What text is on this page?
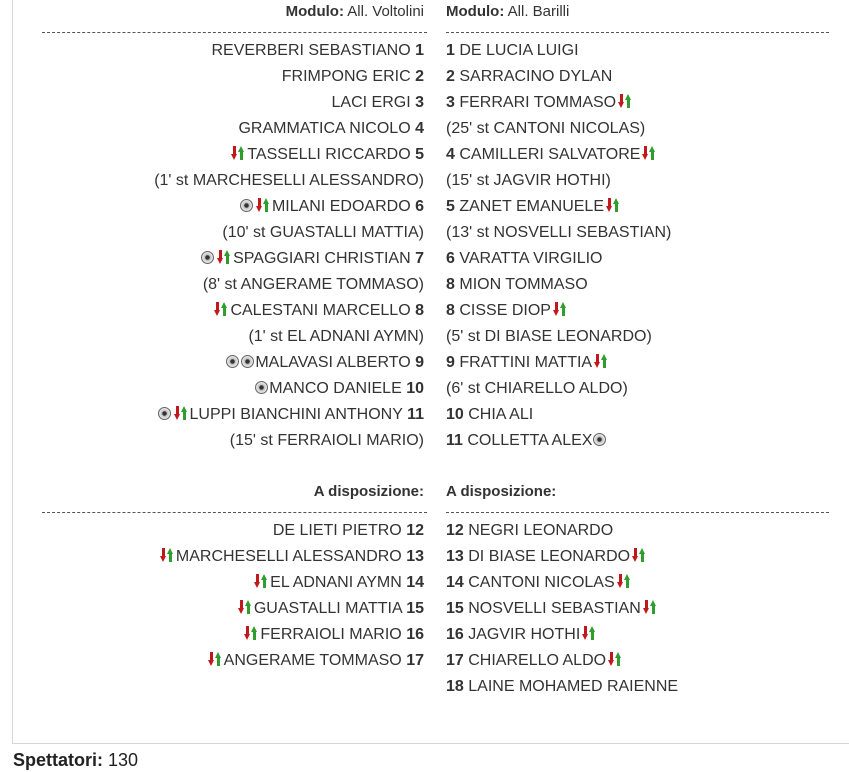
Modulo: All. Voltolini Modulo: All. Barilli
REVERBERI SEBASTIANO 1
FRIMPONG ERIC 2
LACI ERGI 3
GRAMMATICA NICOLO 4
TASSELLI RICCARDO 5
(1' st MARCHESELLI ALESSANDRO)
MILANI EDOARDO 6
(10' st GUASTALLI MATTIA)
SPAGGIARI CHRISTIAN 7
(8' st ANGERAME TOMMASO)
CALESTANI MARCELLO 8
(1' st EL ADNANI AYMN)
MALAVASI ALBERTO 9
MANCO DANIELE 10
LUPPI BIANCHINI ANTHONY 11
(15' st FERRAIOLI MARIO)
1 DE LUCIA LUIGI
2 SARRACINO DYLAN
3 FERRARI TOMMASO
(25' st CANTONI NICOLAS)
4 CAMILLERI SALVATORE
(15' st JAGVIR HOTHI)
5 ZANET EMANUELE
(13' st NOSVELLI SEBASTIAN)
6 VARATTA VIRGILIO
8 MION TOMMASO
8 CISSE DIOP
(5' st DI BIASE LEONARDO)
9 FRATTINI MATTIA
(6' st CHIARELLO ALDO)
10 CHIA ALI
11 COLLETTA ALEX
A disposizione: A disposizione:
DE LIETI PIETRO 12
MARCHESELLI ALESSANDRO 13
EL ADNANI AYMN 14
GUASTALLI MATTIA 15
FERRAIOLI MARIO 16
ANGERAME TOMMASO 17
12 NEGRI LEONARDO
13 DI BIASE LEONARDO
14 CANTONI NICOLAS
15 NOSVELLI SEBASTIAN
16 JAGVIR HOTHI
17 CHIARELLO ALDO
18 LAINE MOHAMED RAIENNE
Spettatori: 130
